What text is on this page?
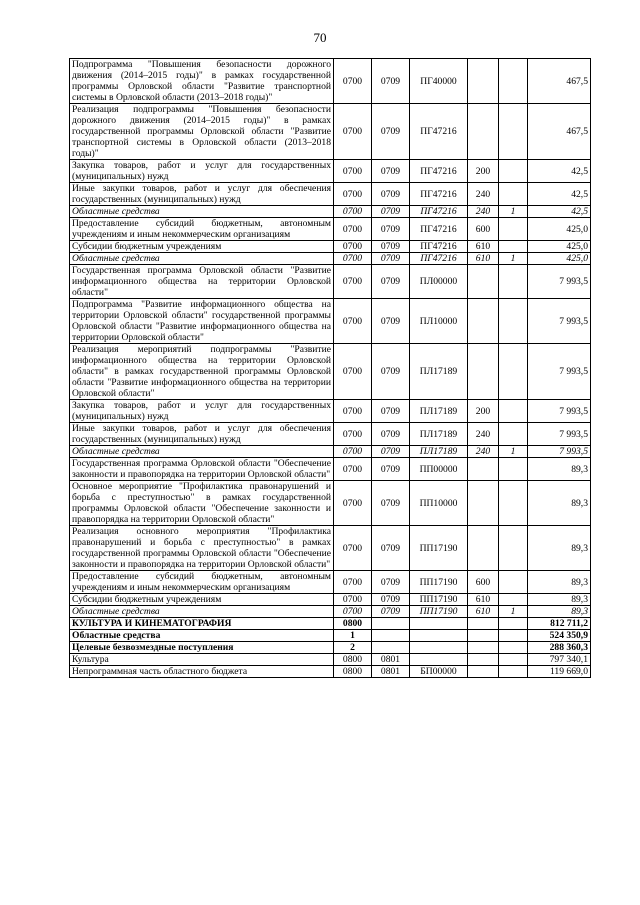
70
Подпрограмма "Повышения безопасности дорожного движения (2014–2015 годы)" в рамках государственной программы Орловской области "Развитие транспортной системы в Орловской области (2013–2018 годы)"	0700	0709	ПГ40000			467,5
Реализация подпрограммы "Повышения безопасности дорожного движения (2014–2015 годы)" в рамках государственной программы Орловской области "Развитие транспортной системы в Орловской области (2013–2018 годы)"	0700	0709	ПГ47216			467,5
Закупка товаров, работ и услуг для государственных (муниципальных) нужд	0700	0709	ПГ47216	200		42,5
Иные закупки товаров, работ и услуг для обеспечения государственных (муниципальных) нужд	0700	0709	ПГ47216	240		42,5
Областные средства	0700	0709	ПГ47216	240	1	42,5
Предоставление субсидий бюджетным, автономным учреждениям и иным некоммерческим организациям	0700	0709	ПГ47216	600		425,0
Субсидии бюджетным учреждениям	0700	0709	ПГ47216	610		425,0
Областные средства	0700	0709	ПГ47216	610	1	425,0
Государственная программа Орловской области "Развитие информационного общества на территории Орловской области"	0700	0709	ПЛ00000			7 993,5
Подпрограмма "Развитие информационного общества на территории Орловской области" государственной программы Орловской области "Развитие информационного общества на территории Орловской области"	0700	0709	ПЛ10000			7 993,5
Реализация мероприятий подпрограммы "Развитие информационного общества на территории Орловской области" в рамках государственной программы Орловской области "Развитие информационного общества на территории Орловской области"	0700	0709	ПЛ17189			7 993,5
Закупка товаров, работ и услуг для государственных (муниципальных) нужд	0700	0709	ПЛ17189	200		7 993,5
Иные закупки товаров, работ и услуг для обеспечения государственных (муниципальных) нужд	0700	0709	ПЛ17189	240		7 993,5
Областные средства	0700	0709	ПЛ17189	240	1	7 993,5
Государственная программа Орловской области "Обеспечение законности и правопорядка на территории Орловской области"	0700	0709	ПП00000			89,3
Основное мероприятие "Профилактика правонарушений и борьба с преступностью" в рамках государственной программы Орловской области "Обеспечение законности и правопорядка на территории Орловской области"	0700	0709	ПП10000			89,3
Реализация основного мероприятия "Профилактика правонарушений и борьба с преступностью" в рамках государственной программы Орловской области "Обеспечение законности и правопорядка на территории Орловской области"	0700	0709	ПП17190			89,3
Предоставление субсидий бюджетным, автономным учреждениям и иным некоммерческим организациям	0700	0709	ПП17190	600		89,3
Субсидии бюджетным учреждениям	0700	0709	ПП17190	610		89,3
Областные средства	0700	0709	ПП17190	610	1	89,3
КУЛЬТУРА И КИНЕМАТОГРАФИЯ	0800					812 711,2
Областные средства	1					524 350,9
Целевые безвозмездные поступления	2					288 360,3
Культура	0800	0801				797 340,1
Непрограммная часть областного бюджета	0800	0801	БП00000			119 669,0
